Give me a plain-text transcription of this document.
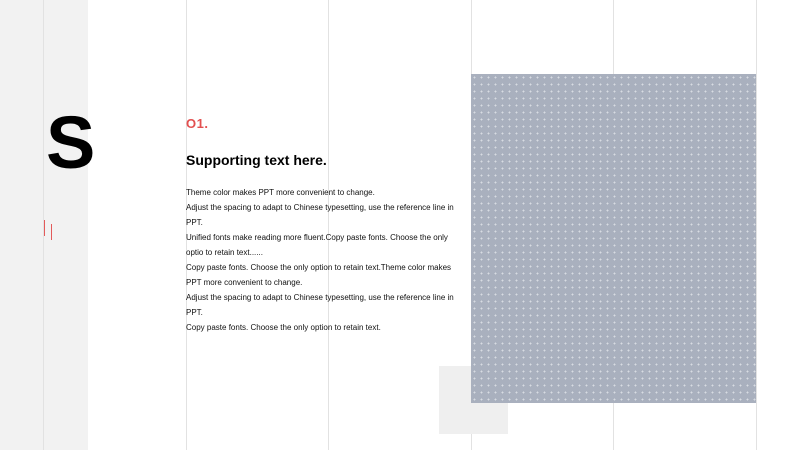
S	O1.
Supporting text here.

Theme color makes PPT more convenient to change.

Adjust the spacing to adapt to Chinese typesetting, use the reference line in PPT.

Unified fonts make reading more fluent.Copy paste fonts. Choose the only optio to retain text......

Copy paste fonts. Choose the only option to retain text.Theme color makes PPT more convenient to change.

Adjust the spacing to adapt to Chinese typesetting, use the reference line in PPT.

Copy paste fonts. Choose the only option to retain text.
